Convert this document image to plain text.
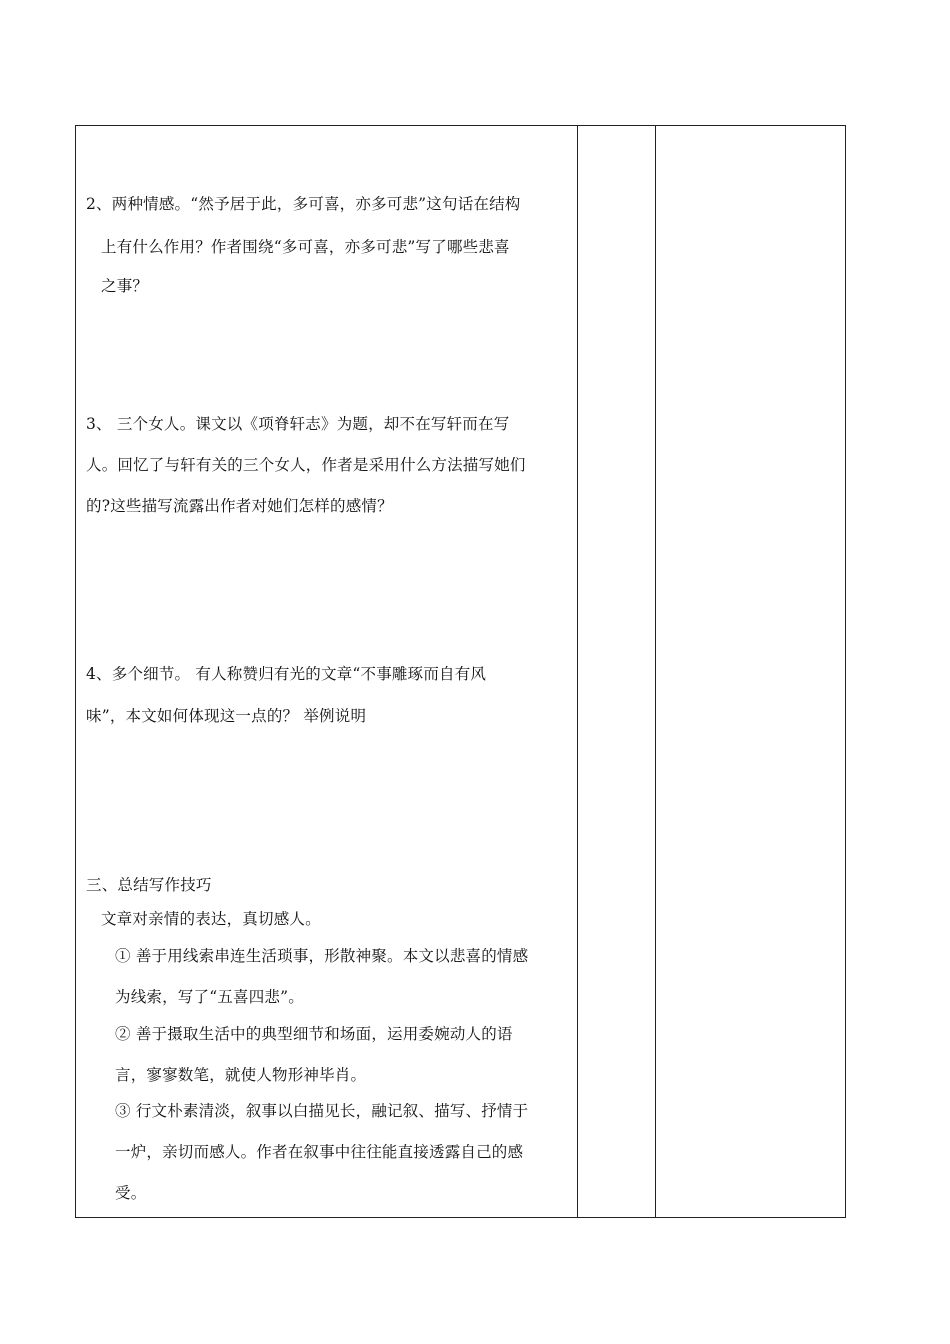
2、两种情感。“然予居于此，多可喜，亦多可悲”这句话在结构
上有什么作用？作者围绕“多可喜，亦多可悲”写了哪些悲喜
之事？
3、 三个女人。课文以《项脊轩志》为题，却不在写轩而在写
人。回忆了与轩有关的三个女人，作者是采用什么方法描写她们
的?这些描写流露出作者对她们怎样的感情？
4、多个细节。 有人称赞归有光的文章“不事雕琢而自有风
味”，本文如何体现这一点的？ 举例说明
三、总结写作技巧
文章对亲情的表达，真切感人。
① 善于用线索串连生活琐事，形散神聚。本文以悲喜的情感
为线索，写了“五喜四悲”。
② 善于摄取生活中的典型细节和场面，运用委婉动人的语
言，寥寥数笔，就使人物形神毕肖。
③ 行文朴素清淡，叙事以白描见长，融记叙、描写、抒情于
一炉，亲切而感人。作者在叙事中往往能直接透露自己的感
受。
